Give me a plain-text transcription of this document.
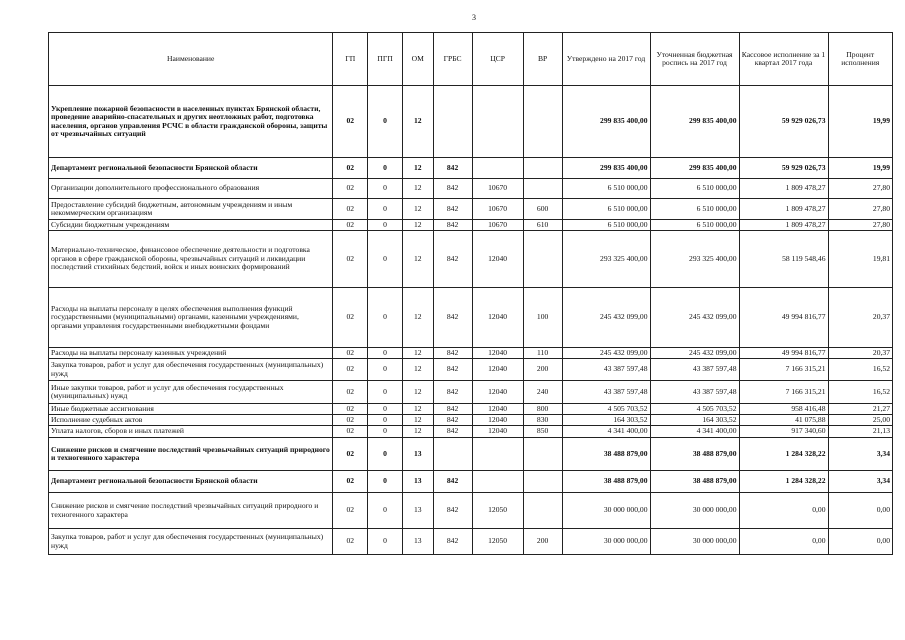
3
Наименование	ГП	ПГП	ОМ	ГРБС	ЦСР	ВР	Утверждено на 2017 год	Уточненная бюджетная роспись на 2017 год	Кассовое исполнение за 1 квартал 2017 года	Процент исполнения
Укрепление пожарной безопасности в населенных пунктах Брянской области, проведение аварийно-спасательных и других неотложных работ, подготовка населения, органов управления РСЧС в области гражданской обороны, защиты от чрезвычайных ситуаций	02	0	12				299 835 400,00	299 835 400,00	59 929 026,73	19,99
Департамент региональной безопасности Брянской области	02	0	12	842			299 835 400,00	299 835 400,00	59 929 026,73	19,99
Организации дополнительного профессионального образования	02	0	12	842	10670		6 510 000,00	6 510 000,00	1 809 478,27	27,80
Предоставление субсидий бюджетным, автономным учреждениям и иным некоммерческим организациям	02	0	12	842	10670	600	6 510 000,00	6 510 000,00	1 809 478,27	27,80
Субсидии бюджетным учреждениям	02	0	12	842	10670	610	6 510 000,00	6 510 000,00	1 809 478,27	27,80
Материально-техническое, финансовое обеспечение деятельности и подготовка органов в сфере гражданской обороны, чрезвычайных ситуаций и ликвидации последствий стихийных бедствий, войск и иных воинских формирований	02	0	12	842	12040		293 325 400,00	293 325 400,00	58 119 548,46	19,81
Расходы на выплаты персоналу в целях обеспечения выполнения функций государственными (муниципальными) органами, казенными учреждениями, органами управления государственными внебюджетными фондами	02	0	12	842	12040	100	245 432 099,00	245 432 099,00	49 994 816,77	20,37
Расходы на выплаты персоналу казенных учреждений	02	0	12	842	12040	110	245 432 099,00	245 432 099,00	49 994 816,77	20,37
Закупка товаров, работ и услуг для обеспечения государственных (муниципальных) нужд	02	0	12	842	12040	200	43 387 597,48	43 387 597,48	7 166 315,21	16,52
Иные закупки товаров, работ и услуг для обеспечения государственных (муниципальных) нужд	02	0	12	842	12040	240	43 387 597,48	43 387 597,48	7 166 315,21	16,52
Иные бюджетные ассигнования	02	0	12	842	12040	800	4 505 703,52	4 505 703,52	958 416,48	21,27
Исполнение судебных актов	02	0	12	842	12040	830	164 303,52	164 303,52	41 075,88	25,00
Уплата налогов, сборов и иных платежей	02	0	12	842	12040	850	4 341 400,00	4 341 400,00	917 340,60	21,13
Снижение рисков и смягчение последствий чрезвычайных ситуаций природного и техногенного характера	02	0	13				38 488 879,00	38 488 879,00	1 284 328,22	3,34
Департамент региональной безопасности Брянской области	02	0	13	842			38 488 879,00	38 488 879,00	1 284 328,22	3,34
Снижение рисков и смягчение последствий чрезвычайных ситуаций природного и техногенного характера	02	0	13	842	12050		30 000 000,00	30 000 000,00	0,00	0,00
Закупка товаров, работ и услуг для обеспечения государственных (муниципальных) нужд	02	0	13	842	12050	200	30 000 000,00	30 000 000,00	0,00	0,00
